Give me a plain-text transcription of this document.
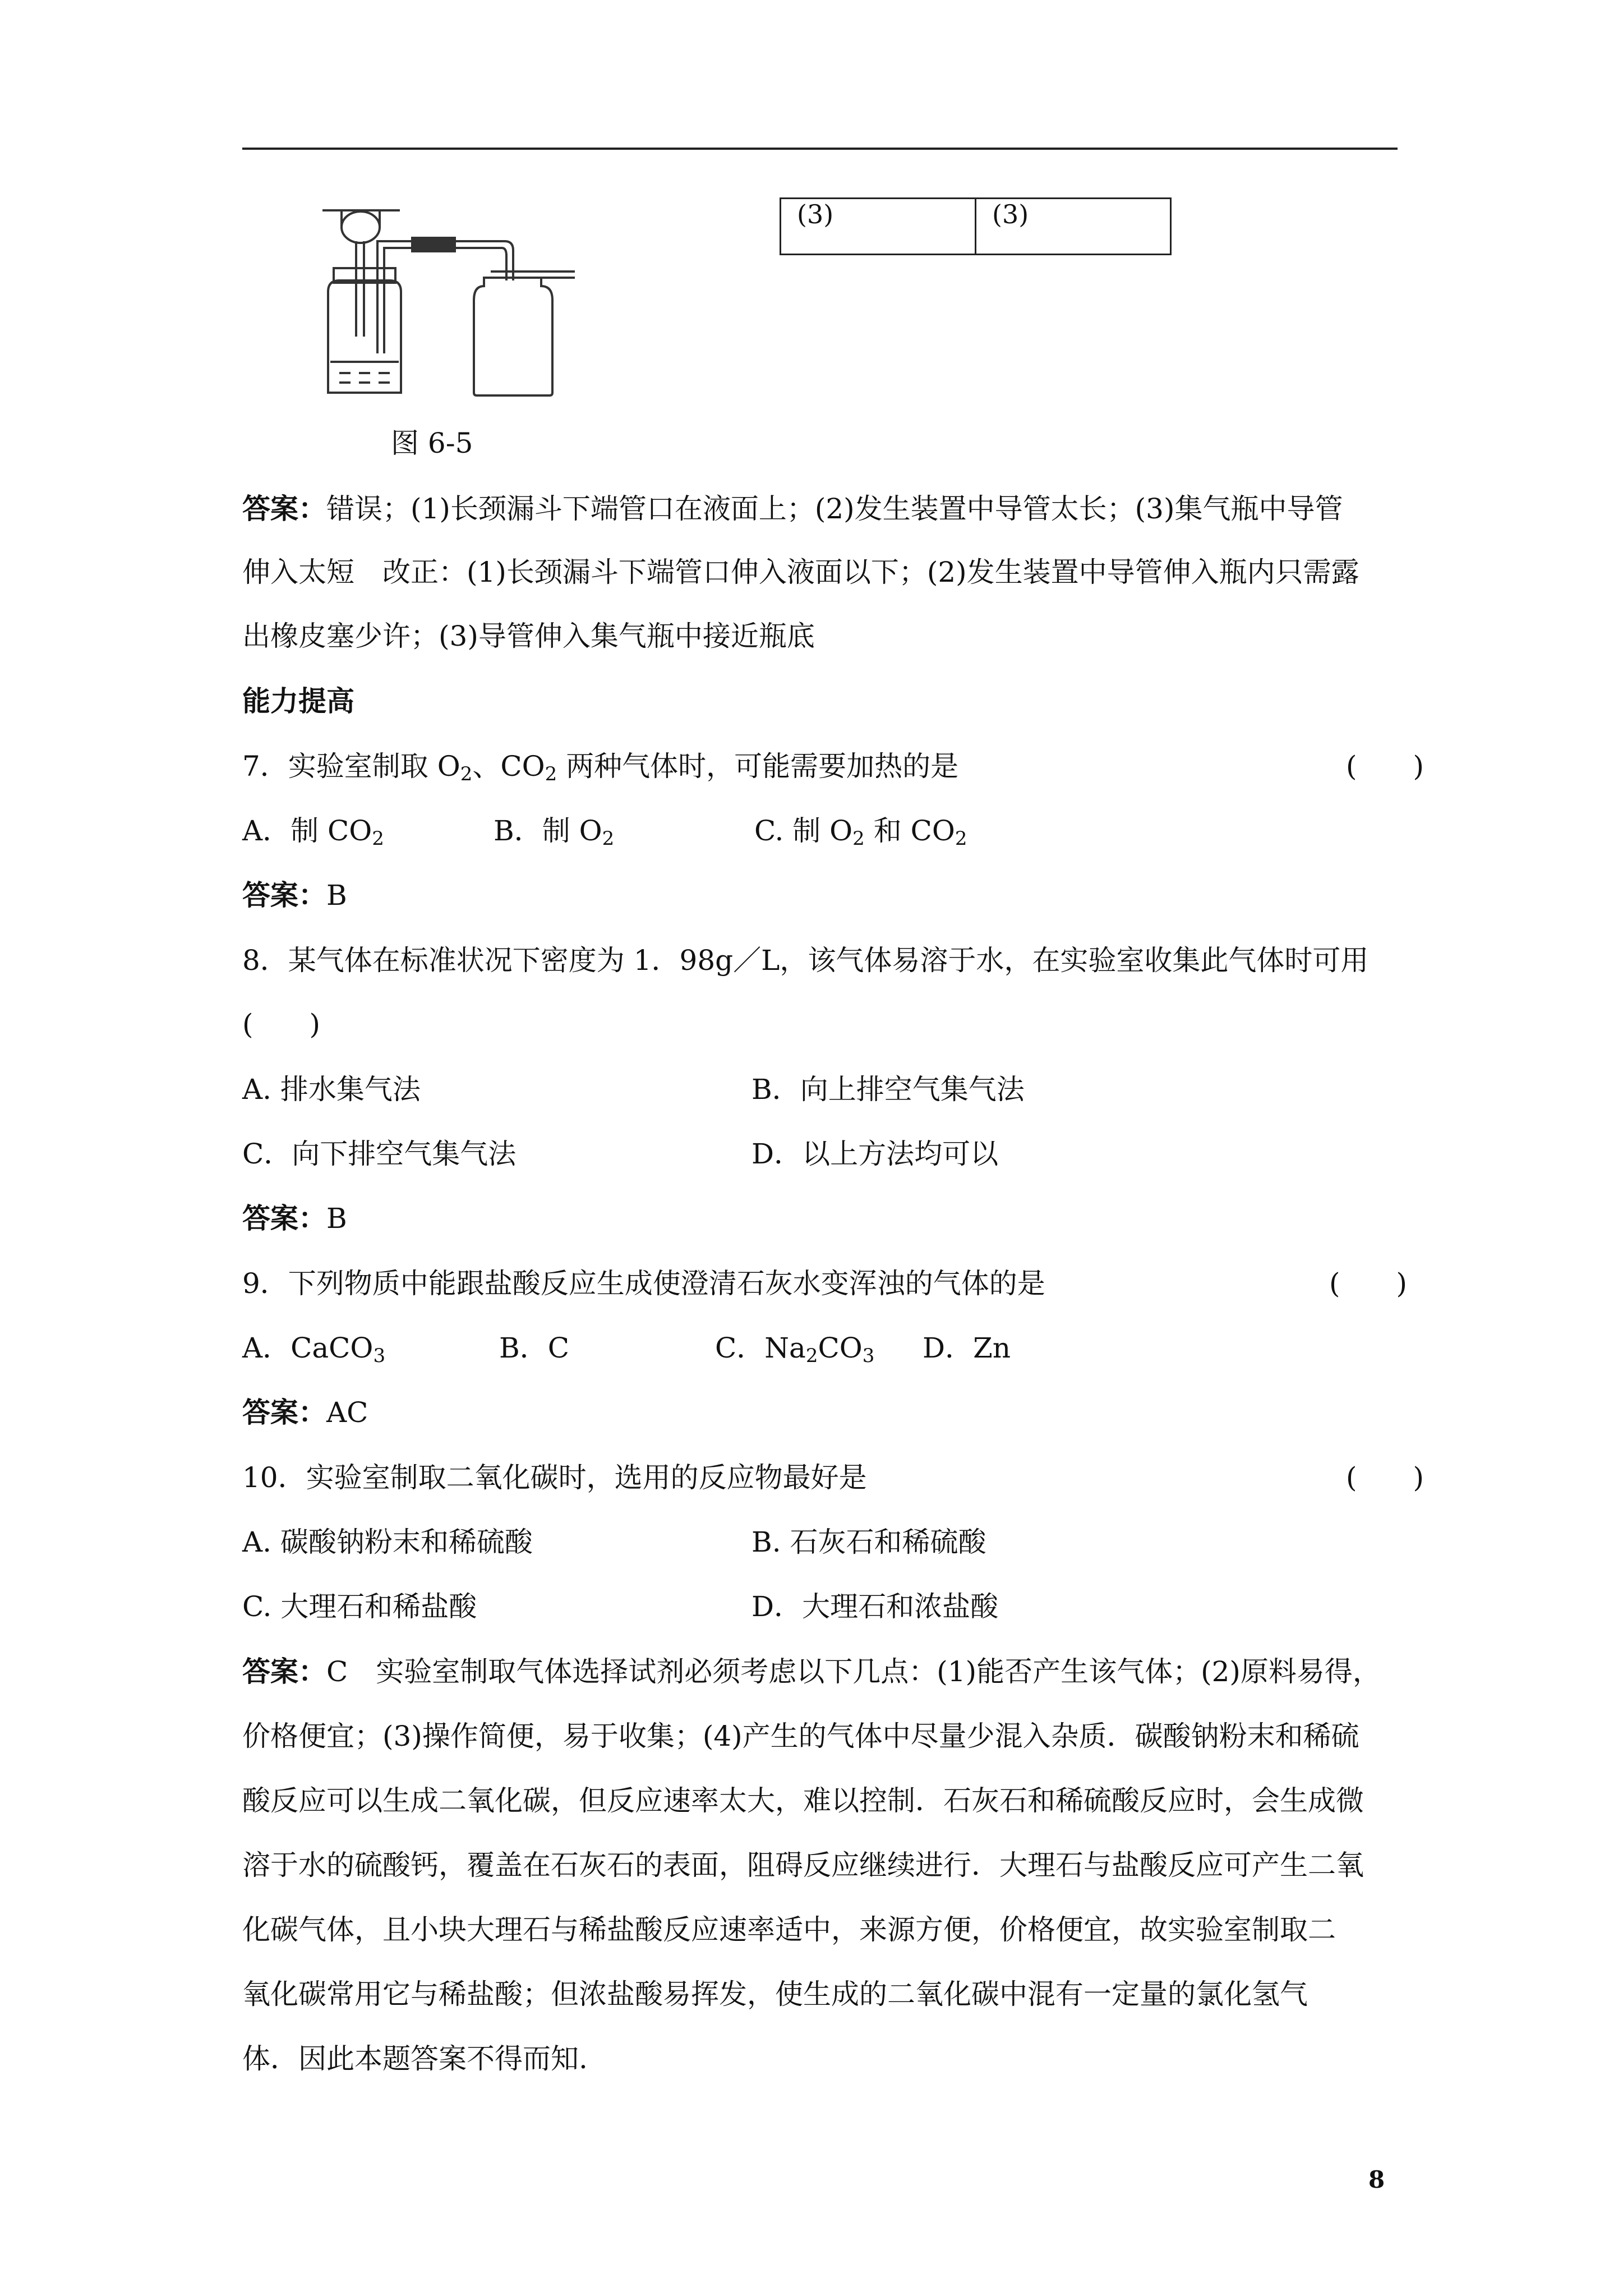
图 6-5
(3)	(3)
答案：错误；(1)长颈漏斗下端管口在液面上；(2)发生装置中导管太长；(3)集气瓶中导管
伸入太短　改正：(1)长颈漏斗下端管口伸入液面以下；(2)发生装置中导管伸入瓶内只需露
出橡皮塞少许；(3)导管伸入集气瓶中接近瓶底
能力提高
7．实验室制取 $O_2$、$CO_2$ 两种气体时，可能需要加热的是	(　　)
A．制 $CO_2$	B．制 $O_2$	C. 制 $O_2$ 和 $CO_2$
答案：B
8．某气体在标准状况下密度为 1．98g／L，该气体易溶于水，在实验室收集此气体时可用
(　　)
A. 排水集气法	B．向上排空气集气法
C．向下排空气集气法	D．以上方法均可以
答案：B
9．下列物质中能跟盐酸反应生成使澄清石灰水变浑浊的气体的是	(　　)
A．CaCO$_3$	B．C	C．$Na_2CO_3$ D．Zn
答案：AC
10．实验室制取二氧化碳时，选用的反应物最好是	(　　)
A. 碳酸钠粉末和稀硫酸	B. 石灰石和稀硫酸
C. 大理石和稀盐酸	D．大理石和浓盐酸
答案：C　实验室制取气体选择试剂必须考虑以下几点：(1)能否产生该气体；(2)原料易得，
价格便宜；(3)操作简便，易于收集；(4)产生的气体中尽量少混入杂质．碳酸钠粉末和稀硫
酸反应可以生成二氧化碳，但反应速率太大，难以控制．石灰石和稀硫酸反应时，会生成微
溶于水的硫酸钙，覆盖在石灰石的表面，阻碍反应继续进行．大理石与盐酸反应可产生二氧
化碳气体，且小块大理石与稀盐酸反应速率适中，来源方便，价格便宜，故实验室制取二
氧化碳常用它与稀盐酸；但浓盐酸易挥发，使生成的二氧化碳中混有一定量的氯化氢气
体．因此本题答案不得而知.
8
